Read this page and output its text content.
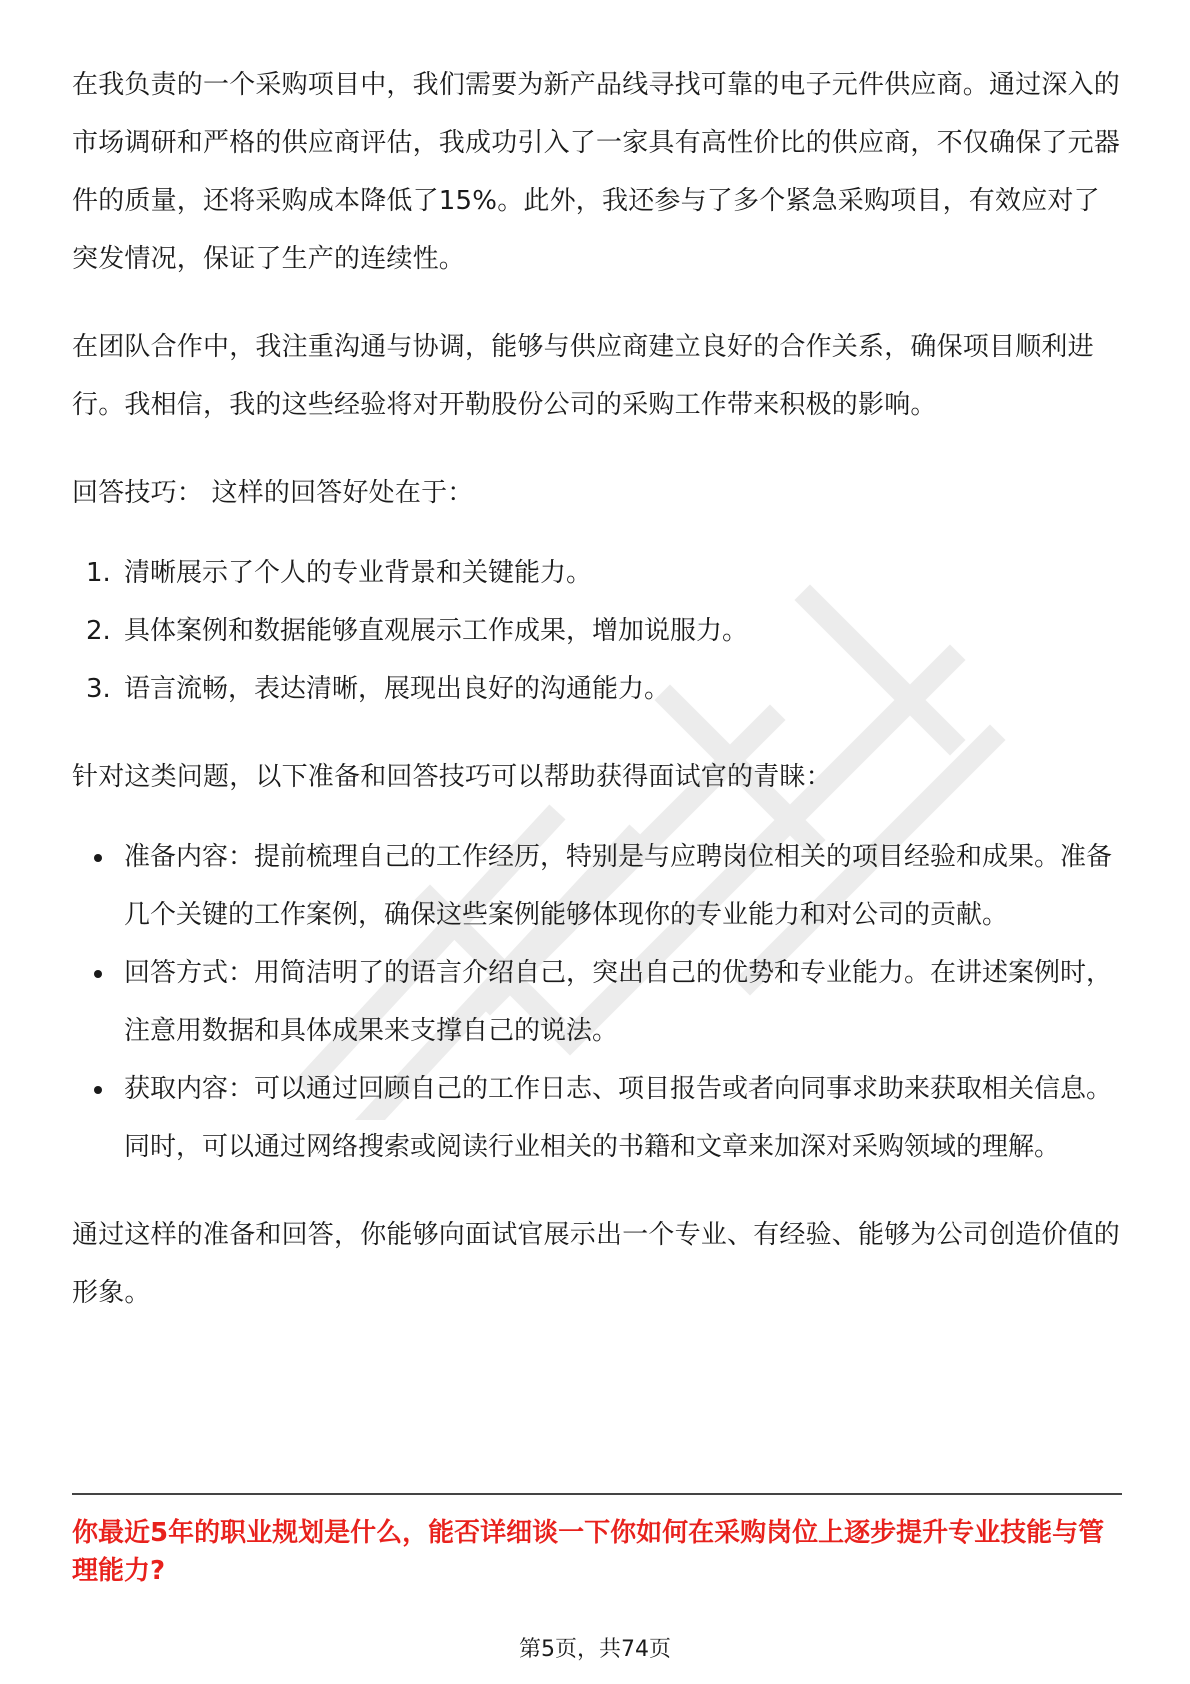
在我负责的一个采购项目中，我们需要为新产品线寻找可靠的电子元件供应商。通过深入的市场调研和严格的供应商评估，我成功引入了一家具有高性价比的供应商，不仅确保了元器件的质量，还将采购成本降低了15%。此外，我还参与了多个紧急采购项目，有效应对了突发情况，保证了生产的连续性。

在团队合作中，我注重沟通与协调，能够与供应商建立良好的合作关系，确保项目顺利进行。我相信，我的这些经验将对开勒股份公司的采购工作带来积极的影响。

回答技巧： 这样的回答好处在于：

1. 清晰展示了个人的专业背景和关键能力。
2. 具体案例和数据能够直观展示工作成果，增加说服力。
3. 语言流畅，表达清晰，展现出良好的沟通能力。

针对这类问题，以下准备和回答技巧可以帮助获得面试官的青睐：

准备内容：提前梳理自己的工作经历，特别是与应聘岗位相关的项目经验和成果。准备几个关键的工作案例，确保这些案例能够体现你的专业能力和对公司的贡献。
回答方式：用简洁明了的语言介绍自己，突出自己的优势和专业能力。在讲述案例时，注意用数据和具体成果来支撑自己的说法。
获取内容：可以通过回顾自己的工作日志、项目报告或者向同事求助来获取相关信息。同时，可以通过网络搜索或阅读行业相关的书籍和文章来加深对采购领域的理解。

通过这样的准备和回答，你能够向面试官展示出一个专业、有经验、能够为公司创造价值的形象。

你最近5年的职业规划是什么，能否详细谈一下你如何在采购岗位上逐步提升专业技能与管理能力?

第5页，共74页
